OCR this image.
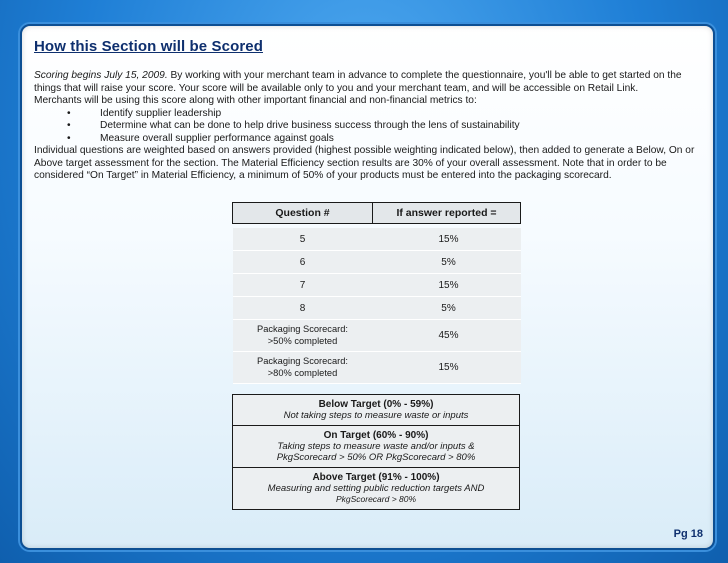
How this Section will be Scored

Scoring begins July 15, 2009. By working with your merchant team in advance to complete the questionnaire, you'll be able to get started on the things that will raise your score. Your score will be available only to you and your merchant team, and will be accessible on Retail Link.

Merchants will be using this score along with other important financial and non-financial metrics to:

•	Identify supplier leadership
•	Determine what can be done to help drive business success through the lens of sustainability
•	Measure overall supplier performance against goals

Individual questions are weighted based on answers provided (highest possible weighting indicated below), then added to generate a Below, On or Above target assessment for the section. The Material Efficiency section results are 30% of your overall assessment. Note that in order to be considered “On Target” in Material Efficiency, a minimum of 50% of your products must be entered into the packaging scorecard.

Question #	If answer reported =

5	15%
6	5%
7	15%
8	5%
Packaging Scorecard:
>50% completed	45%
Packaging Scorecard:
>80% completed	15%
Below Target (0% - 59%)
Not taking steps to measure waste or inputs
On Target (60% - 90%)
Taking steps to measure waste and/or inputs &
PkgScorecard > 50% OR PkgScorecard > 80%
Above Target (91% - 100%)
Measuring and setting public reduction targets AND
PkgScorecard > 80%
Pg 18
